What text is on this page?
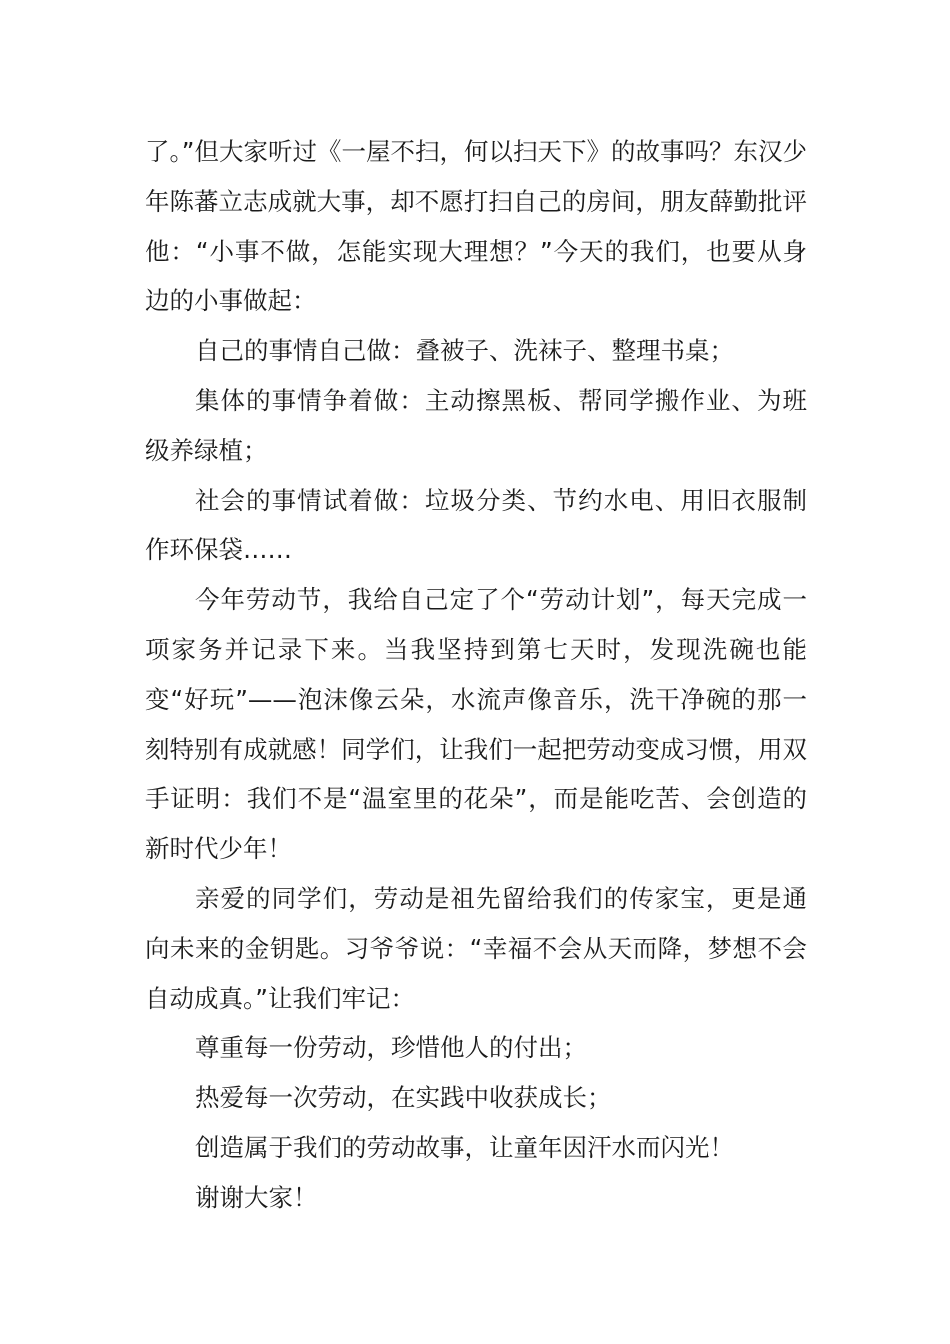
了。”但大家听过《一屋不扫，何以扫天下》的故事吗？东汉少年陈蕃立志成就大事，却不愿打扫自己的房间，朋友薛勤批评他：“小事不做，怎能实现大理想？”今天的我们，也要从身边的小事做起：

自己的事情自己做：叠被子、洗袜子、整理书桌；

集体的事情争着做：主动擦黑板、帮同学搬作业、为班级养绿植；

社会的事情试着做：垃圾分类、节约水电、用旧衣服制作环保袋……

今年劳动节，我给自己定了个“劳动计划”，每天完成一项家务并记录下来。当我坚持到第七天时，发现洗碗也能变“好玩”——泡沫像云朵，水流声像音乐，洗干净碗的那一刻特别有成就感！同学们，让我们一起把劳动变成习惯，用双手证明：我们不是“温室里的花朵”，而是能吃苦、会创造的新时代少年！

亲爱的同学们，劳动是祖先留给我们的传家宝，更是通向未来的金钥匙。习爷爷说：“幸福不会从天而降，梦想不会自动成真。”让我们牢记：

尊重每一份劳动，珍惜他人的付出；

热爱每一次劳动，在实践中收获成长；

创造属于我们的劳动故事，让童年因汗水而闪光！

谢谢大家！
